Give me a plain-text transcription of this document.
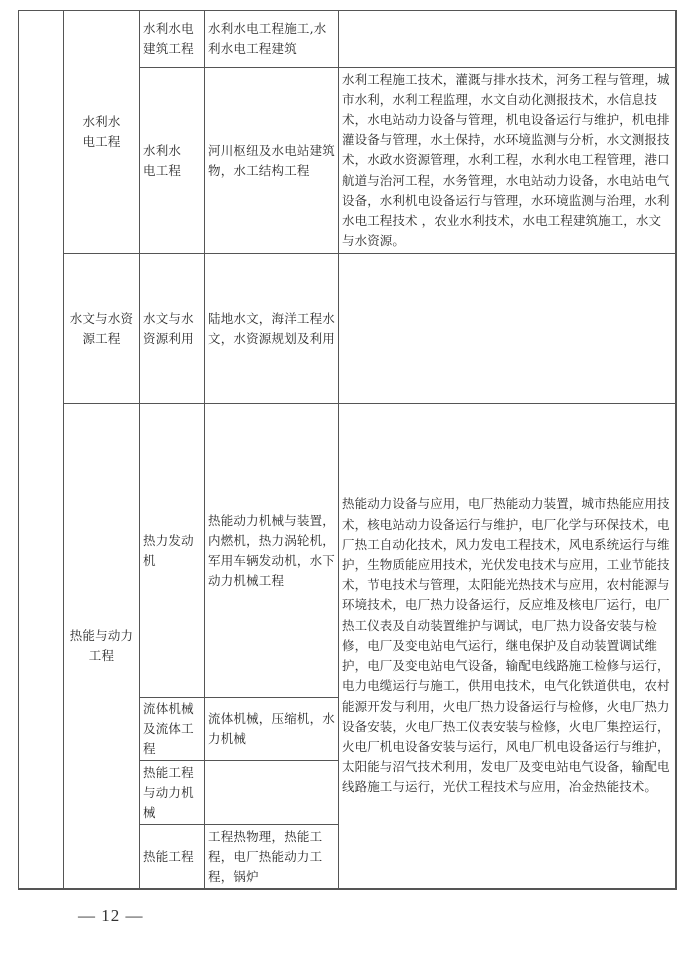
水利水电工程
水利水电建筑工程
水利水电工程施工,水利水电工程建筑
水利水电工程
河川枢纽及水电站建筑物，水工结构工程
水利工程施工技术，灌溉与排水技术，河务工程与管理，城市水利，水利工程监理，水文自动化测报技术，水信息技术，水电站动力设备与管理，机电设备运行与维护，机电排灌设备与管理，水土保持，水环境监测与分析，水文测报技术，水政水资源管理，水利工程，水利水电工程管理，港口航道与治河工程，水务管理，水电站动力设备，水电站电气设备，水利机电设备运行与管理，水环境监测与治理，水利水电工程技术 ，农业水利技术，水电工程建筑施工，水文与水资源。
水文与水资源工程
水文与水资源利用
陆地水文，海洋工程水文，水资源规划及利用
热能与动力工程
热力发动机
热能动力机械与装置，内燃机，热力涡轮机，军用车辆发动机，水下动力机械工程
流体机械及流体工程
流体机械，压缩机，水力机械
热能工程与动力机械
热能工程
工程热物理，热能工程，电厂热能动力工程，锅炉
热能动力设备与应用，电厂热能动力装置，城市热能应用技术，核电站动力设备运行与维护，电厂化学与环保技术，电厂热工自动化技术，风力发电工程技术，风电系统运行与维护，生物质能应用技术，光伏发电技术与应用，工业节能技术，节电技术与管理，太阳能光热技术与应用，农村能源与环境技术，电厂热力设备运行，反应堆及核电厂运行，电厂热工仪表及自动装置维护与调试，电厂热力设备安装与检修，电厂及变电站电气运行，继电保护及自动装置调试维护，电厂及变电站电气设备，输配电线路施工检修与运行，电力电缆运行与施工，供用电技术，电气化铁道供电，农村能源开发与利用，火电厂热力设备运行与检修，火电厂热力设备安装，火电厂热工仪表安装与检修，火电厂集控运行，火电厂机电设备安装与运行，风电厂机电设备运行与维护，太阳能与沼气技术利用，发电厂及变电站电气设备，输配电线路施工与运行，光伏工程技术与应用，冶金热能技术。
— 12 —
